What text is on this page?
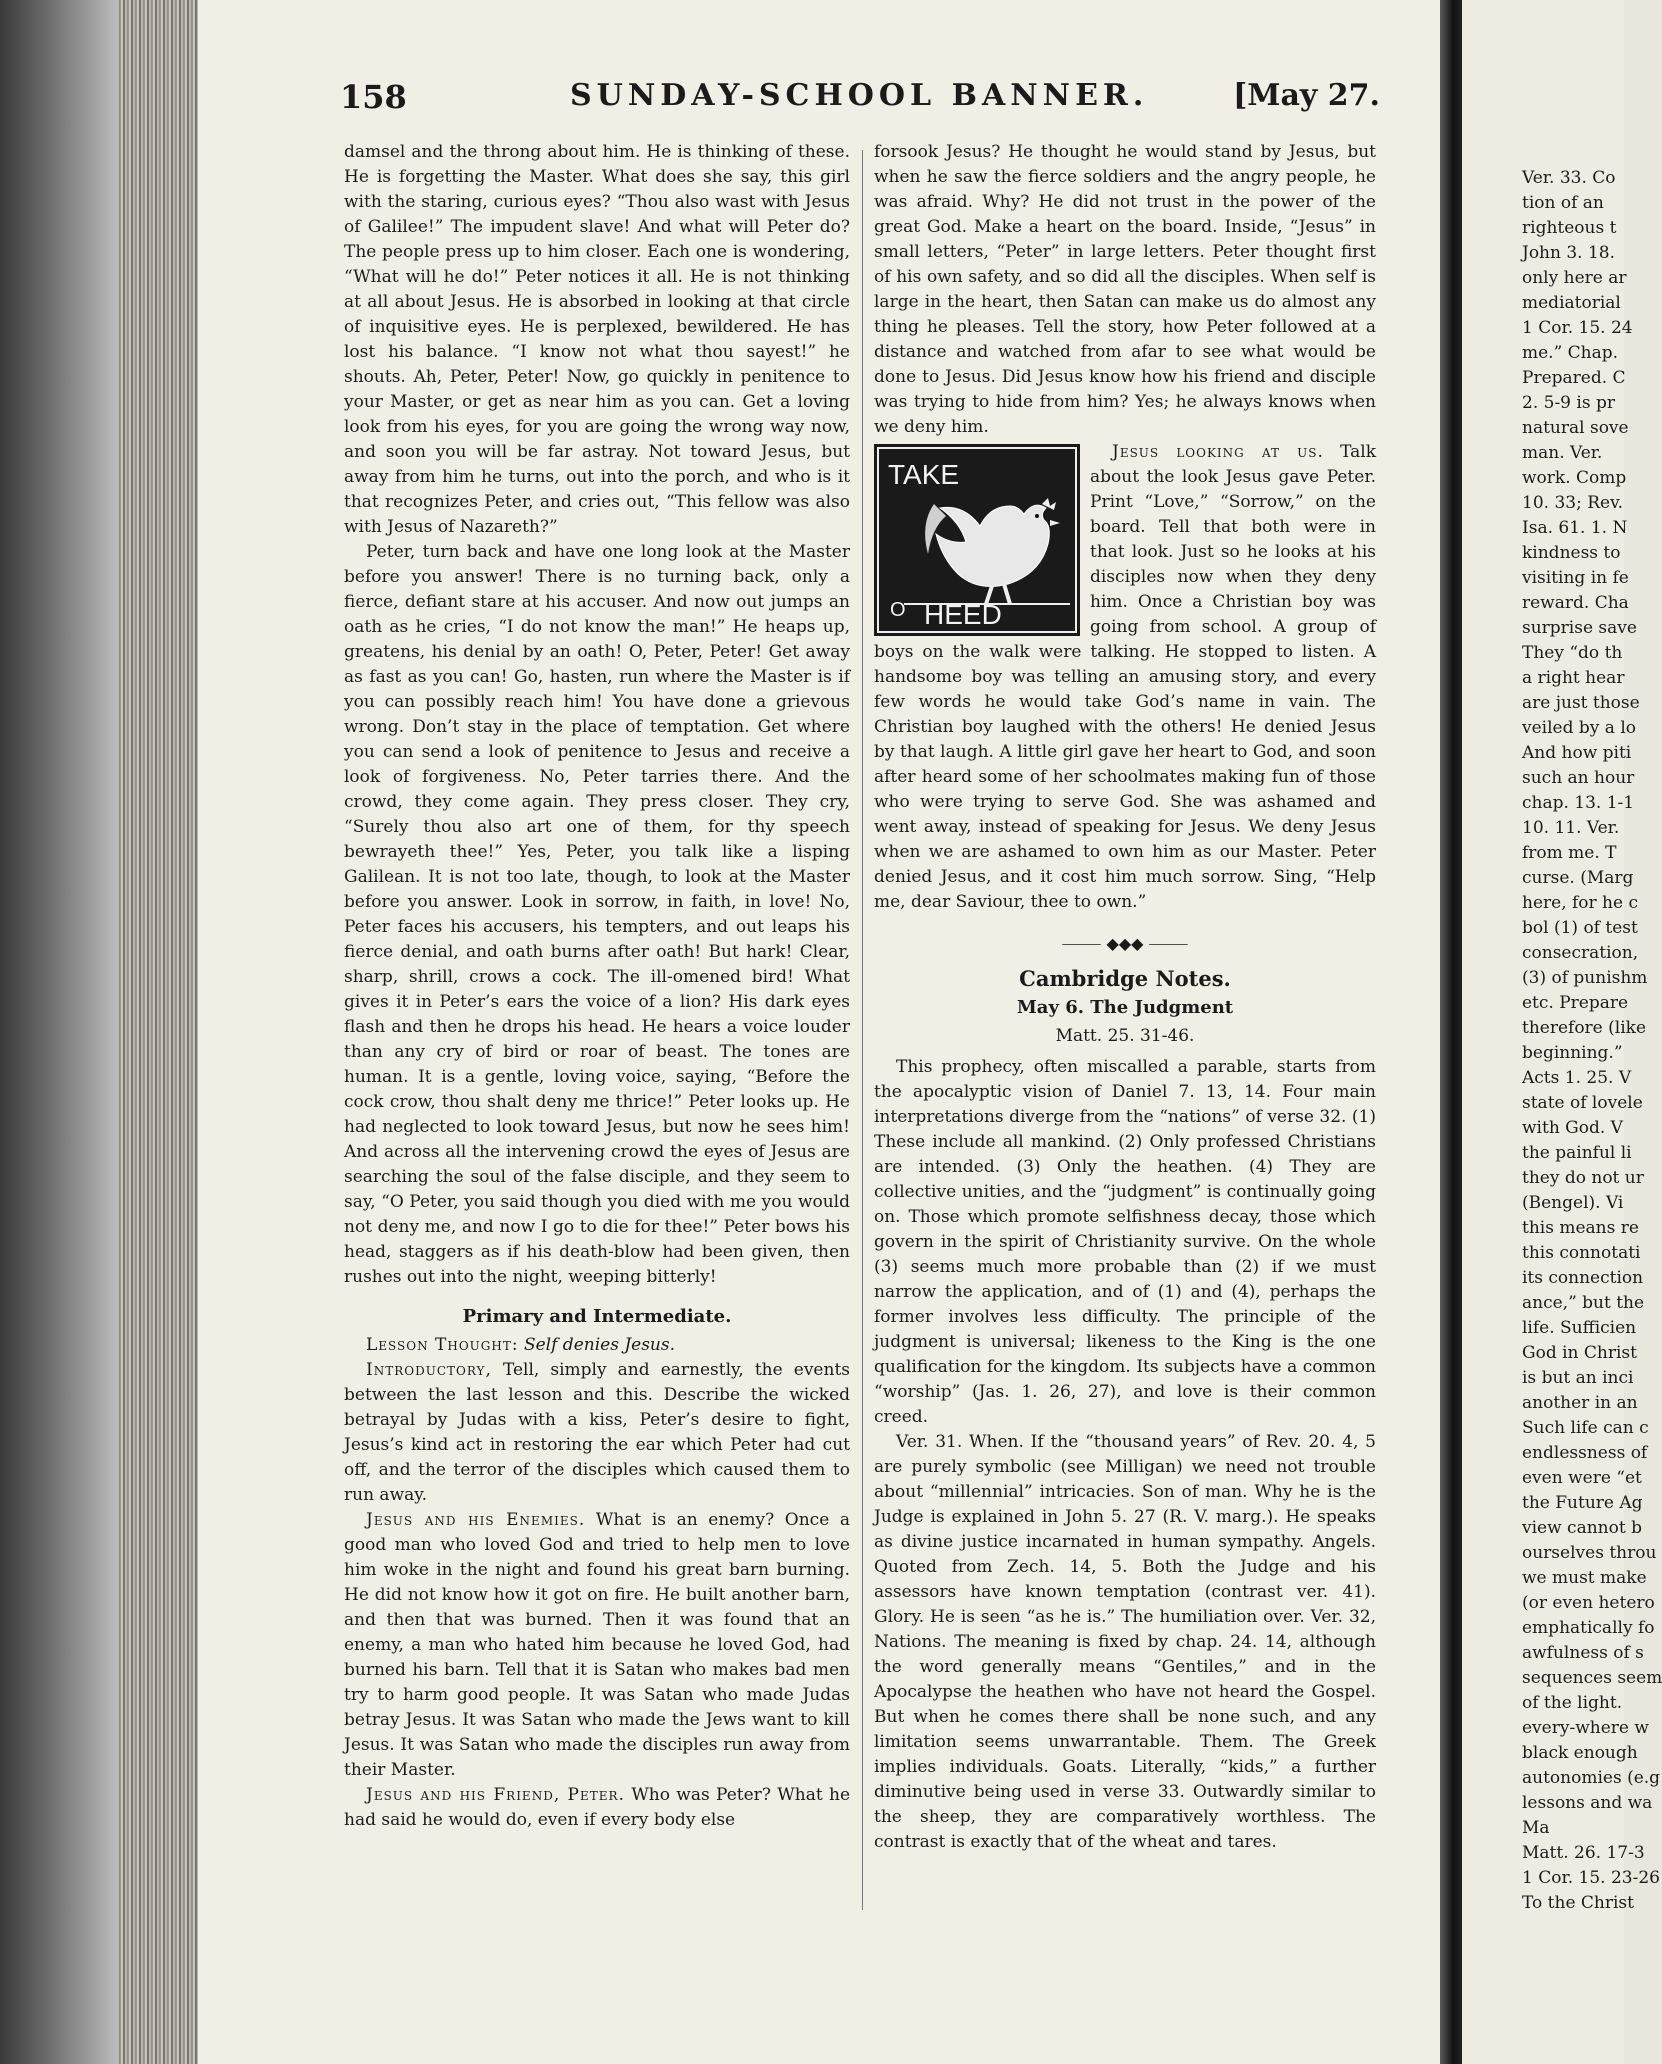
158	SUNDAY-SCHOOL BANNER.	[May 27.

damsel and the throng about him. He is thinking of these. He is forgetting the Master. What does she say, this girl with the staring, curious eyes? “Thou also wast with Jesus of Galilee!” The impudent slave! And what will Peter do? The people press up to him closer. Each one is wondering, “What will he do!” Peter notices it all. He is not thinking at all about Jesus. He is absorbed in looking at that circle of inquisitive eyes. He is perplexed, bewildered. He has lost his balance. “I know not what thou sayest!” he shouts. Ah, Peter, Peter! Now, go quickly in penitence to your Master, or get as near him as you can. Get a loving look from his eyes, for you are going the wrong way now, and soon you will be far astray. Not toward Jesus, but away from him he turns, out into the porch, and who is it that recognizes Peter, and cries out, “This fellow was also with Jesus of Nazareth?”

Peter, turn back and have one long look at the Master before you answer! There is no turning back, only a fierce, defiant stare at his accuser. And now out jumps an oath as he cries, “I do not know the man!” He heaps up, greatens, his denial by an oath! O, Peter, Peter! Get away as fast as you can! Go, hasten, run where the Master is if you can possibly reach him! You have done a grievous wrong. Don’t stay in the place of temptation. Get where you can send a look of penitence to Jesus and receive a look of forgiveness. No, Peter tarries there. And the crowd, they come again. They press closer. They cry, “Surely thou also art one of them, for thy speech bewrayeth thee!” Yes, Peter, you talk like a lisping Galilean. It is not too late, though, to look at the Master before you answer. Look in sorrow, in faith, in love! No, Peter faces his accusers, his tempters, and out leaps his fierce denial, and oath burns after oath! But hark! Clear, sharp, shrill, crows a cock. The ill-omened bird! What gives it in Peter’s ears the voice of a lion? His dark eyes flash and then he drops his head. He hears a voice louder than any cry of bird or roar of beast. The tones are human. It is a gentle, loving voice, saying, “Before the cock crow, thou shalt deny me thrice!” Peter looks up. He had neglected to look toward Jesus, but now he sees him! And across all the intervening crowd the eyes of Jesus are searching the soul of the false disciple, and they seem to say, “O Peter, you said though you died with me you would not deny me, and now I go to die for thee!” Peter bows his head, staggers as if his death-blow had been given, then rushes out into the night, weeping bitterly!

Primary and Intermediate.

Lesson Thought: Self denies Jesus.

Introductory, Tell, simply and earnestly, the events between the last lesson and this. Describe the wicked betrayal by Judas with a kiss, Peter’s desire to fight, Jesus’s kind act in restoring the ear which Peter had cut off, and the terror of the disciples which caused them to run away.

Jesus and his Enemies. What is an enemy? Once a good man who loved God and tried to help men to love him woke in the night and found his great barn burning. He did not know how it got on fire. He built another barn, and then that was burned. Then it was found that an enemy, a man who hated him because he loved God, had burned his barn. Tell that it is Satan who makes bad men try to harm good people. It was Satan who made Judas betray Jesus. It was Satan who made the Jews want to kill Jesus. It was Satan who made the disciples run away from their Master.

Jesus and his Friend, Peter. Who was Peter? What he had said he would do, even if every body else

forsook Jesus? He thought he would stand by Jesus, but when he saw the fierce soldiers and the angry people, he was afraid. Why? He did not trust in the power of the great God. Make a heart on the board. Inside, “Jesus” in small letters, “Peter” in large letters. Peter thought first of his own safety, and so did all the disciples. When self is large in the heart, then Satan can make us do almost any thing he pleases. Tell the story, how Peter followed at a distance and watched from afar to see what would be done to Jesus. Did Jesus know how his friend and disciple was trying to hide from him? Yes; he always knows when we deny him.

TAKE
HEED
O

Jesus looking at us. Talk about the look Jesus gave Peter. Print “Love,” “Sorrow,” on the board. Tell that both were in that look. Just so he looks at his disciples now when they deny him. Once a Christian boy was going from school. A group of boys on the walk were talking. He stopped to listen. A handsome boy was telling an amusing story, and every few words he would take God’s name in vain. The Christian boy laughed with the others! He denied Jesus by that laugh. A little girl gave her heart to God, and soon after heard some of her schoolmates making fun of those who were trying to serve God. She was ashamed and went away, instead of speaking for Jesus. We deny Jesus when we are ashamed to own him as our Master. Peter denied Jesus, and it cost him much sorrow. Sing, “Help me, dear Saviour, thee to own.”

⸻ ◆◆◆ ⸻
Cambridge Notes.
May 6. The Judgment
Matt. 25. 31-46.

This prophecy, often miscalled a parable, starts from the apocalyptic vision of Daniel 7. 13, 14. Four main interpretations diverge from the “nations” of verse 32. (1) These include all mankind. (2) Only professed Christians are intended. (3) Only the heathen. (4) They are collective unities, and the “judgment” is continually going on. Those which promote selfishness decay, those which govern in the spirit of Christianity survive. On the whole (3) seems much more probable than (2) if we must narrow the application, and of (1) and (4), perhaps the former involves less difficulty. The principle of the judgment is universal; likeness to the King is the one qualification for the kingdom. Its subjects have a common “worship” (Jas. 1. 26, 27), and love is their common creed.

Ver. 31. When. If the “thousand years” of Rev. 20. 4, 5 are purely symbolic (see Milligan) we need not trouble about “millennial” intricacies. Son of man. Why he is the Judge is explained in John 5. 27 (R. V. marg.). He speaks as divine justice incarnated in human sympathy. Angels. Quoted from Zech. 14, 5. Both the Judge and his assessors have known temptation (contrast ver. 41). Glory. He is seen “as he is.” The humiliation over. Ver. 32, Nations. The meaning is fixed by chap. 24. 14, although the word generally means “Gentiles,” and in the Apocalypse the heathen who have not heard the Gospel. But when he comes there shall be none such, and any limitation seems unwarrantable. Them. The Greek implies individuals. Goats. Literally, “kids,” a further diminutive being used in verse 33. Outwardly similar to the sheep, they are comparatively worthless. The contrast is exactly that of the wheat and tares.

Ver. 33. Co
tion of an
righteous t
John 3. 18.
only here ar
mediatorial
1 Cor. 15. 24
me.” Chap.
Prepared. C
2. 5-9 is pr
natural sove
man. Ver.
work. Comp
10. 33; Rev.
Isa. 61. 1. N
kindness to
visiting in fe
reward. Cha
surprise save
They “do th
a right hear
are just those
veiled by a lo
And how piti
such an hour
chap. 13. 1-1
10. 11. Ver.
from me. T
curse. (Marg
here, for he c
bol (1) of test
consecration,
(3) of punishm
etc. Prepare
therefore (like
beginning.”
Acts 1. 25. V
state of lovele
with God. V
the painful li
they do not ur
(Bengel). Vi
this means re
this connotati
its connection
ance,” but the
life. Sufficien
God in Christ
is but an inci
another in an
Such life can c
endlessness of
even were “et
the Future Ag
view cannot b
ourselves throu
we must make
(or even hetero
emphatically fo
awfulness of s
sequences seem
of the light.
every-where w
black enough
autonomies (e.g
lessons and wa
Ma
Matt. 26. 17-3
1 Cor. 15. 23-26
To the Christ
